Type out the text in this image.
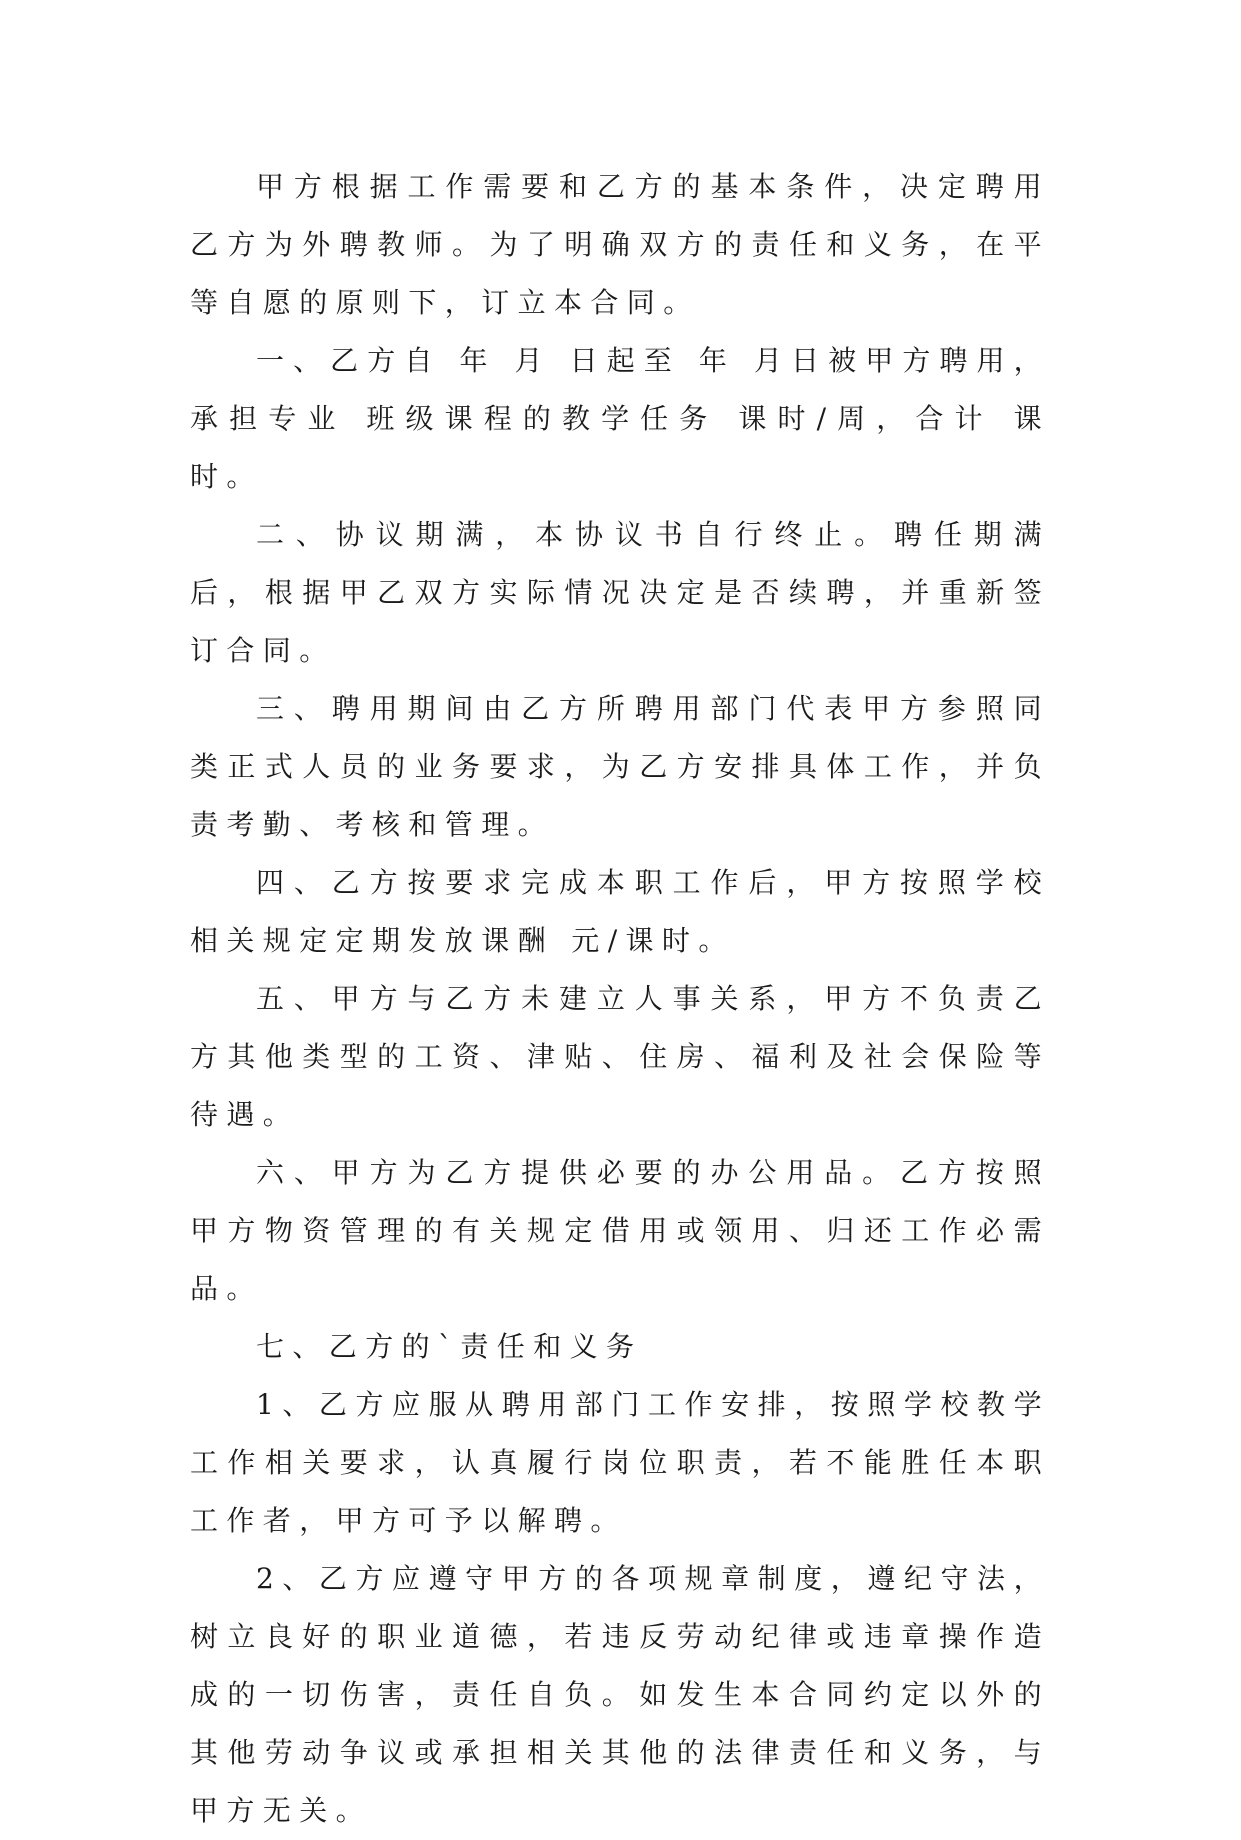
甲方根据工作需要和乙方的基本条件，决定聘用乙方为外聘教师。为了明确双方的责任和义务，在平等自愿的原则下，订立本合同。

一、乙方自 年 月 日起至 年 月日被甲方聘用，承担专业 班级课程的教学任务 课时/周，合计 课时。

二、协议期满，本协议书自行终止。聘任期满后，根据甲乙双方实际情况决定是否续聘，并重新签订合同。

三、聘用期间由乙方所聘用部门代表甲方参照同类正式人员的业务要求，为乙方安排具体工作，并负责考勤、考核和管理。

四、乙方按要求完成本职工作后，甲方按照学校相关规定定期发放课酬 元/课时。

五、甲方与乙方未建立人事关系，甲方不负责乙方其他类型的工资、津贴、住房、福利及社会保险等待遇。

六、甲方为乙方提供必要的办公用品。乙方按照甲方物资管理的有关规定借用或领用、归还工作必需品。

七、乙方的`责任和义务

1、乙方应服从聘用部门工作安排，按照学校教学工作相关要求，认真履行岗位职责，若不能胜任本职工作者，甲方可予以解聘。

2、乙方应遵守甲方的各项规章制度，遵纪守法，树立良好的职业道德，若违反劳动纪律或违章操作造成的一切伤害，责任自负。如发生本合同约定以外的其他劳动争议或承担相关其他的法律责任和义务，与甲方无关。
